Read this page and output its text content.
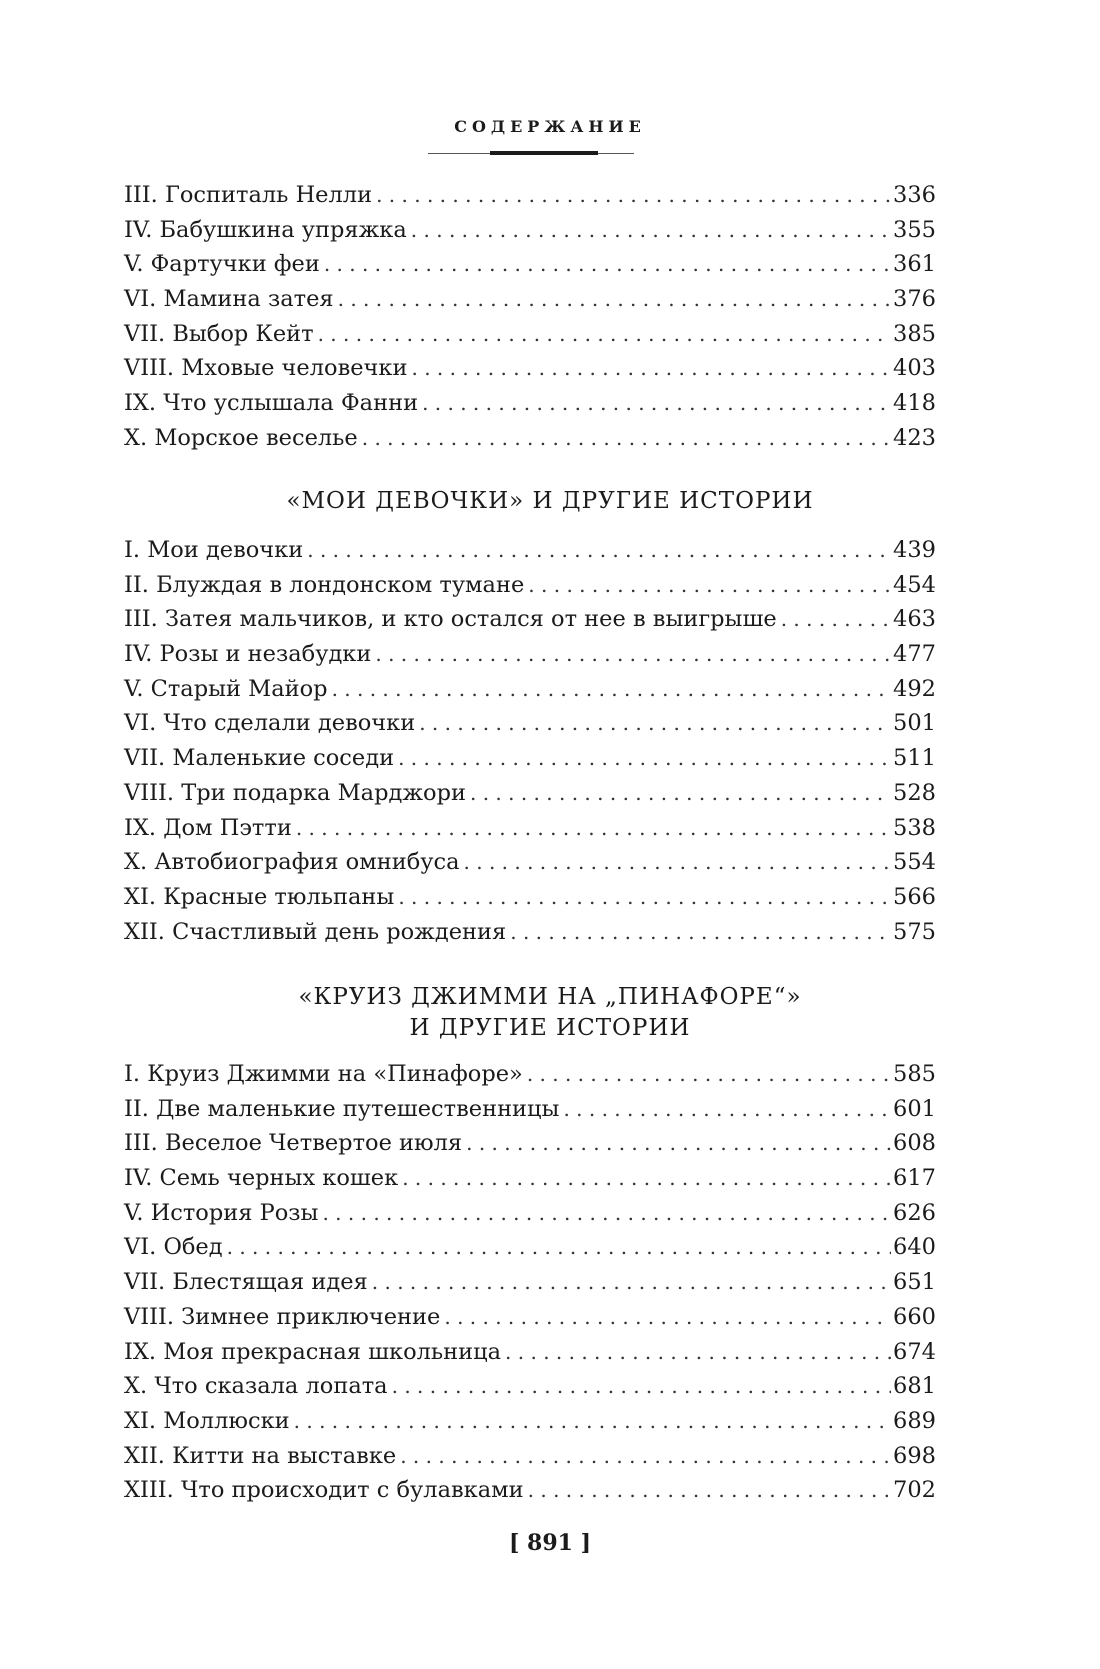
СОДЕРЖАНИЕ
III. Госпиталь Нелли . . .	336
IV. Бабушкина упряжка . . .	355
V. Фартучки феи . . .	361
VI. Мамина затея . . .	376
VII. Выбор Кейт . . .	385
VIII. Мховые человечки . . .	403
IX. Что услышала Фанни . . .	418
X. Морское веселье . . .	423
«МОИ ДЕВОЧКИ» И ДРУГИЕ ИСТОРИИ
I. Мои девочки . . .	439
II. Блуждая в лондонском тумане . . .	454
III. Затея мальчиков, и кто остался от нее в выигрыше . . .	463
IV. Розы и незабудки . . .	477
V. Старый Майор . . .	492
VI. Что сделали девочки . . .	501
VII. Маленькие соседи . . .	511
VIII. Три подарка Марджори . . .	528
IX. Дом Пэтти . . .	538
X. Автобиография омнибуса . . .	554
XI. Красные тюльпаны . . .	566
XII. Счастливый день рождения . . .	575
«КРУИЗ ДЖИММИ НА „ПИНАФОРЕ“»
И ДРУГИЕ ИСТОРИИ
I. Круиз Джимми на «Пинафоре» . . .	585
II. Две маленькие путешественницы . . .	601
III. Веселое Четвертое июля . . .	608
IV. Семь черных кошек . . .	617
V. История Розы . . .	626
VI. Обед . . .	640
VII. Блестящая идея . . .	651
VIII. Зимнее приключение . . .	660
IX. Моя прекрасная школьница . . .	674
X. Что сказала лопата . . .	681
XI. Моллюски . . .	689
XII. Китти на выставке . . .	698
XIII. Что происходит с булавками . . .	702
[ 891 ]
